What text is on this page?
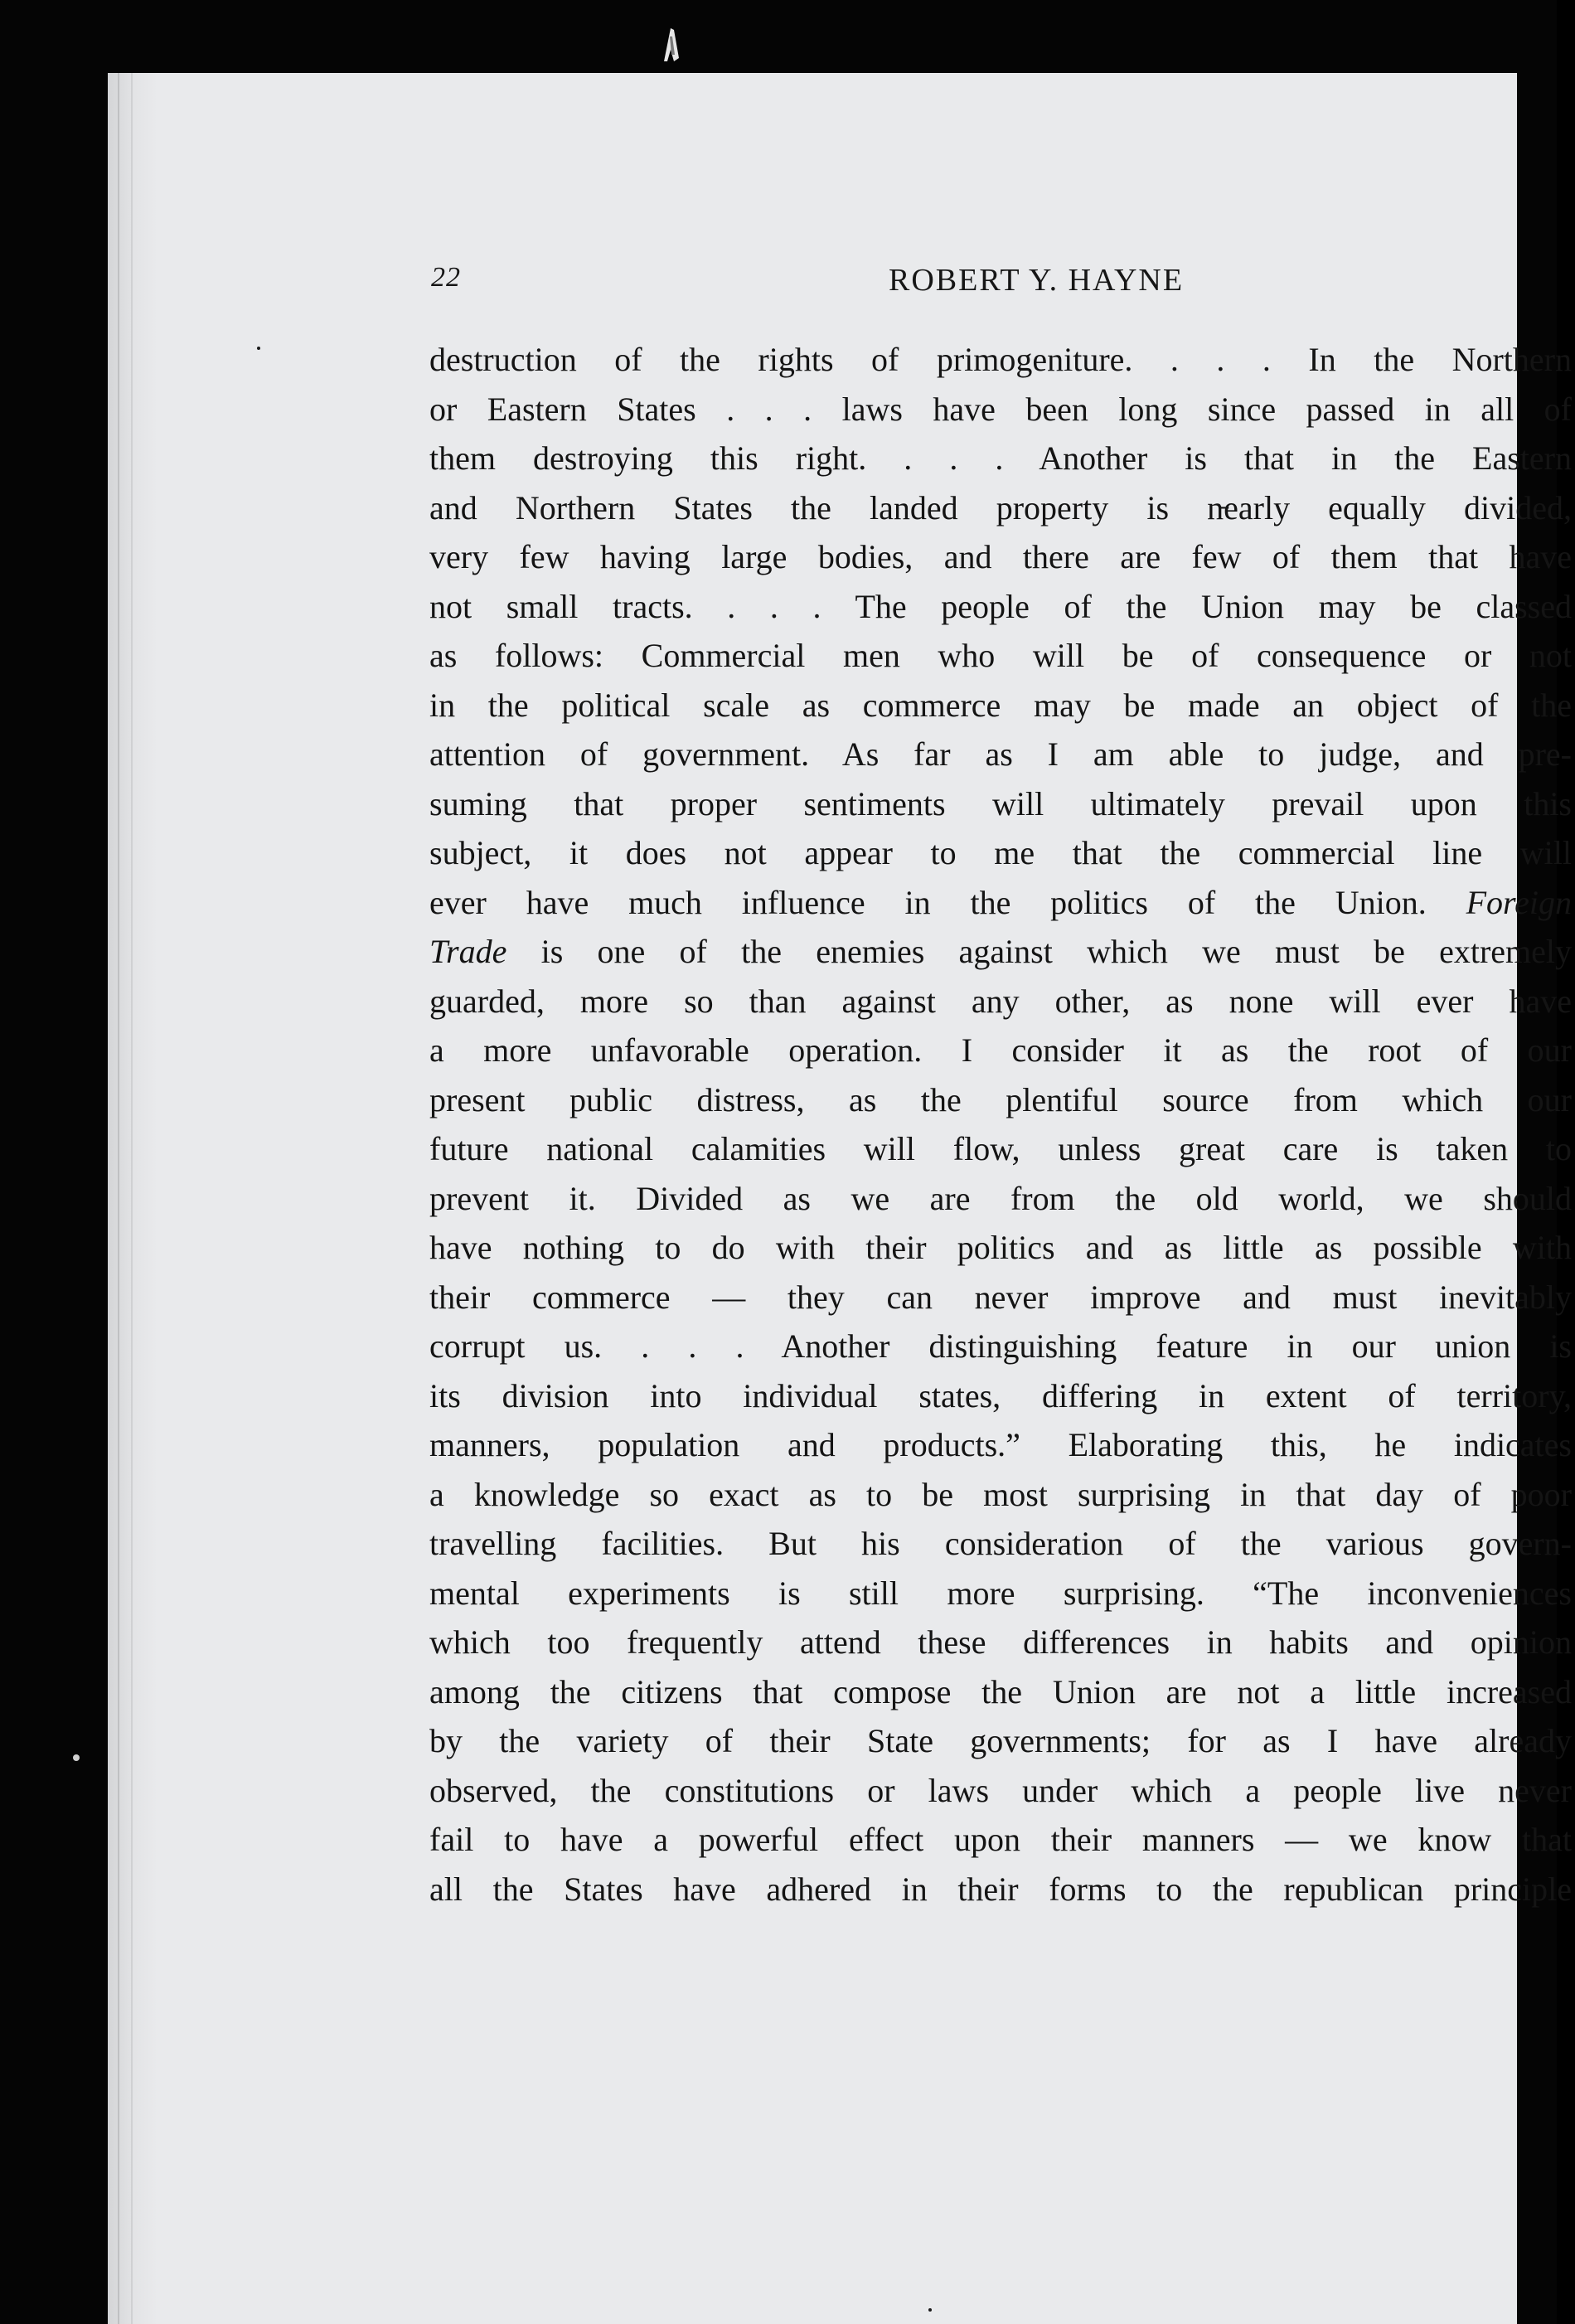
22	ROBERT Y. HAYNE
destruction of the rights of primogeniture. . . . In the Northern
or Eastern States . . . laws have been long since passed in all of
them destroying this right. . . . Another is that in the Eastern
and Northern States the landed property is n̵early equally divided,
very few having large bodies, and there are few of them that have
not small tracts. . . . The people of the Union may be classed
as follows: Commercial men who will be of consequence or not
in the political scale as commerce may be made an object of the
attention of government. As far as I am able to judge, and pre-
suming that proper sentiments will ultimately prevail upon this
subject, it does not appear to me that the commercial line will
ever have much influence in the politics of the Union. Foreign
Trade is one of the enemies against which we must be extremely
guarded, more so than against any other, as none will ever have
a more unfavorable operation. I consider it as the root of our
present public distress, as the plentiful source from which our
future national calamities will flow, unless great care is taken to
prevent it. Divided as we are from the old world, we should
have nothing to do with their politics and as little as possible with
their commerce — they can never improve and must inevitably
corrupt us. . . . Another distinguishing feature in our union is
its division into individual states, differing in extent of territory,
manners, population and products.” Elaborating this, he indicates
a knowledge so exact as to be most surprising in that day of poor
travelling facilities. But his consideration of the various govern-
mental experiments is still more surprising. “The inconveniences
which too frequently attend these differences in habits and opinion
among the citizens that compose the Union are not a little increased
by the variety of their State governments; for as I have already
observed, the constitutions or laws under which a people live never
fail to have a powerful effect upon their manners — we know that
all the States have adhered in their forms to the republican principle
